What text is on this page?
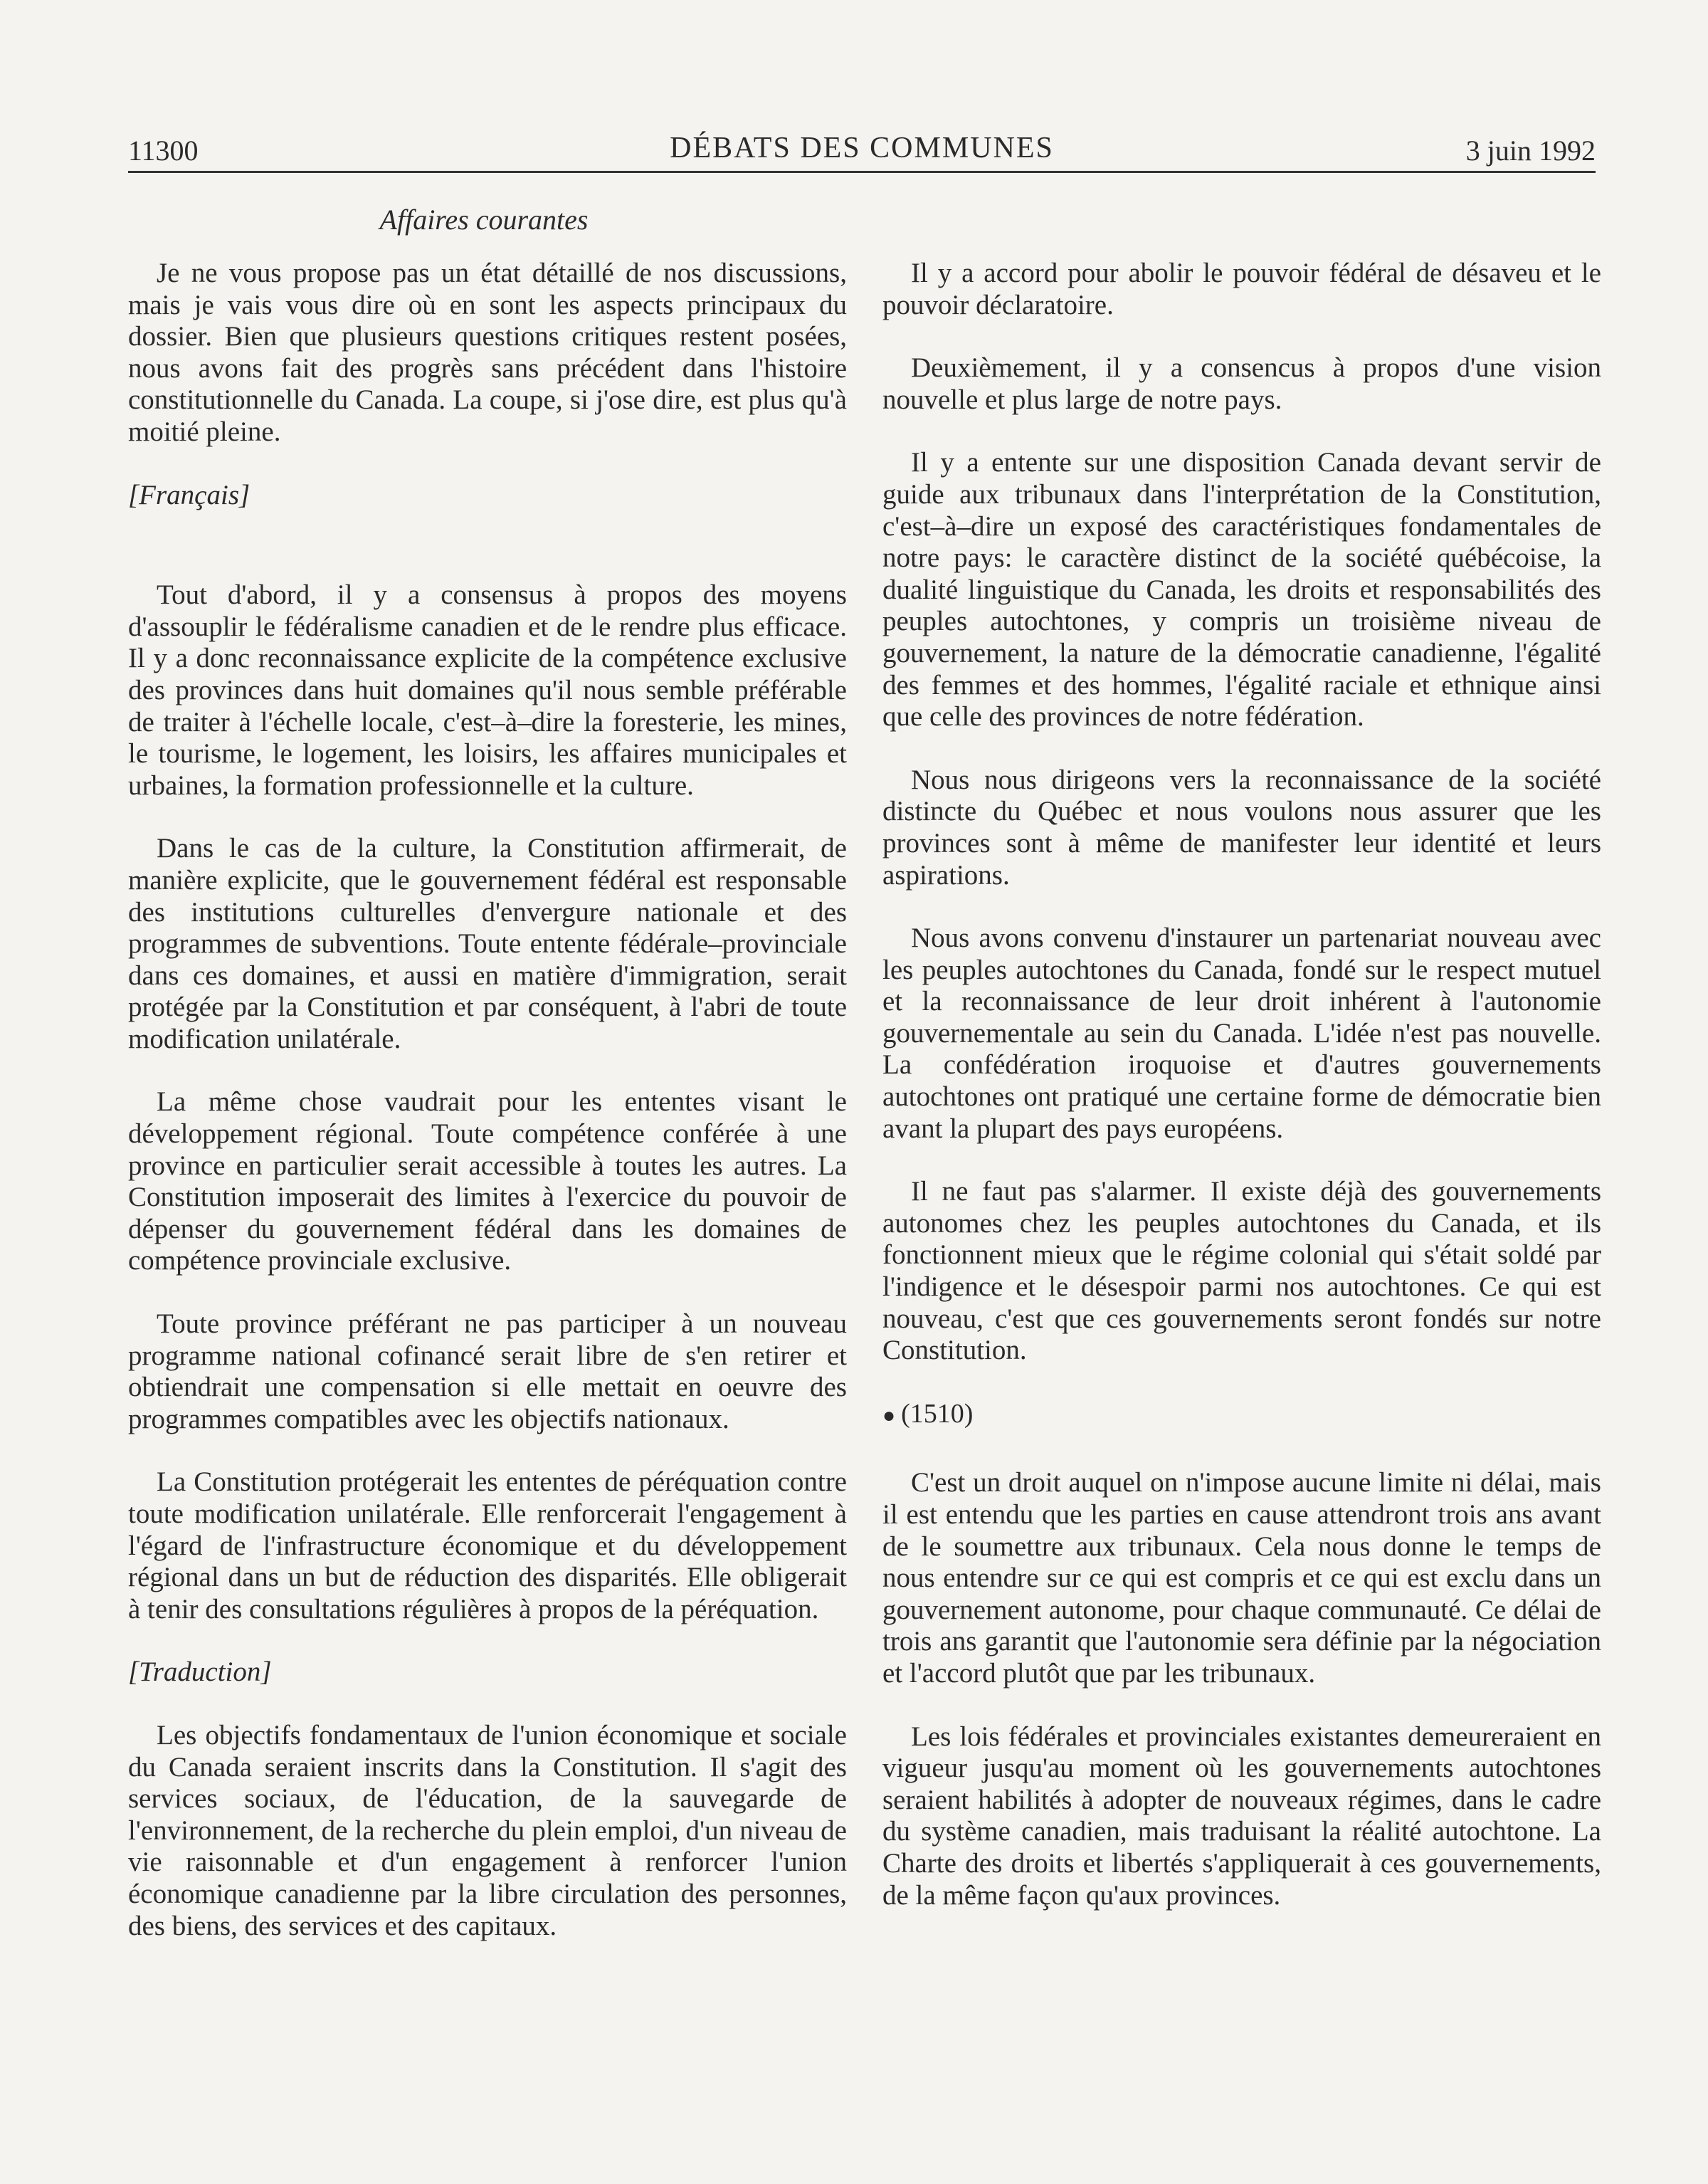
11300	DÉBATS DES COMMUNES	3 juin 1992
Affaires courantes

Je ne vous propose pas un état détaillé de nos discussions, mais je vais vous dire où en sont les aspects principaux du dossier. Bien que plusieurs questions critiques restent posées, nous avons fait des progrès sans précédent dans l'histoire constitutionnelle du Canada. La coupe, si j'ose dire, est plus qu'à moitié pleine.

[Français]

Tout d'abord, il y a consensus à propos des moyens d'assouplir le fédéralisme canadien et de le rendre plus efficace. Il y a donc reconnaissance explicite de la compétence exclusive des provinces dans huit domaines qu'il nous semble préférable de traiter à l'échelle locale, c'est–à–dire la foresterie, les mines, le tourisme, le logement, les loisirs, les affaires municipales et urbaines, la formation professionnelle et la culture.

Dans le cas de la culture, la Constitution affirmerait, de manière explicite, que le gouvernement fédéral est responsable des institutions culturelles d'envergure nationale et des programmes de subventions. Toute entente fédérale–provinciale dans ces domaines, et aussi en matière d'immigration, serait protégée par la Constitution et par conséquent, à l'abri de toute modification unilatérale.

La même chose vaudrait pour les ententes visant le développement régional. Toute compétence conférée à une province en particulier serait accessible à toutes les autres. La Constitution imposerait des limites à l'exercice du pouvoir de dépenser du gouvernement fédéral dans les domaines de compétence provinciale exclusive.

Toute province préférant ne pas participer à un nouveau programme national cofinancé serait libre de s'en retirer et obtiendrait une compensation si elle mettait en oeuvre des programmes compatibles avec les objectifs nationaux.

La Constitution protégerait les ententes de péréquation contre toute modification unilatérale. Elle renforcerait l'engagement à l'égard de l'infrastructure économique et du développement régional dans un but de réduction des disparités. Elle obligerait à tenir des consultations régulières à propos de la péréquation.

[Traduction]

Les objectifs fondamentaux de l'union économique et sociale du Canada seraient inscrits dans la Constitution. Il s'agit des services sociaux, de l'éducation, de la sauvegarde de l'environnement, de la recherche du plein emploi, d'un niveau de vie raisonnable et d'un engagement à renforcer l'union économique canadienne par la libre circulation des personnes, des biens, des services et des capitaux.

Il y a accord pour abolir le pouvoir fédéral de désaveu et le pouvoir déclaratoire.

Deuxièmement, il y a consencus à propos d'une vision nouvelle et plus large de notre pays.

Il y a entente sur une disposition Canada devant servir de guide aux tribunaux dans l'interprétation de la Constitution, c'est–à–dire un exposé des caractéristiques fondamentales de notre pays: le caractère distinct de la société québécoise, la dualité linguistique du Canada, les droits et responsabilités des peuples autochtones, y compris un troisième niveau de gouvernement, la nature de la démocratie canadienne, l'égalité des femmes et des hommes, l'égalité raciale et ethnique ainsi que celle des provinces de notre fédération.

Nous nous dirigeons vers la reconnaissance de la société distincte du Québec et nous voulons nous assurer que les provinces sont à même de manifester leur identité et leurs aspirations.

Nous avons convenu d'instaurer un partenariat nouveau avec les peuples autochtones du Canada, fondé sur le respect mutuel et la reconnaissance de leur droit inhérent à l'autonomie gouvernementale au sein du Canada. L'idée n'est pas nouvelle. La confédération iroquoise et d'autres gouvernements autochtones ont pratiqué une certaine forme de démocratie bien avant la plupart des pays européens.

Il ne faut pas s'alarmer. Il existe déjà des gouvernements autonomes chez les peuples autochtones du Canada, et ils fonctionnent mieux que le régime colonial qui s'était soldé par l'indigence et le désespoir parmi nos autochtones. Ce qui est nouveau, c'est que ces gouvernements seront fondés sur notre Constitution.

● (1510)

C'est un droit auquel on n'impose aucune limite ni délai, mais il est entendu que les parties en cause attendront trois ans avant de le soumettre aux tribunaux. Cela nous donne le temps de nous entendre sur ce qui est compris et ce qui est exclu dans un gouvernement autonome, pour chaque communauté. Ce délai de trois ans garantit que l'autonomie sera définie par la négociation et l'accord plutôt que par les tribunaux.

Les lois fédérales et provinciales existantes demeureraient en vigueur jusqu'au moment où les gouvernements autochtones seraient habilités à adopter de nouveaux régimes, dans le cadre du système canadien, mais traduisant la réalité autochtone. La Charte des droits et libertés s'appliquerait à ces gouvernements, de la même façon qu'aux provinces.
